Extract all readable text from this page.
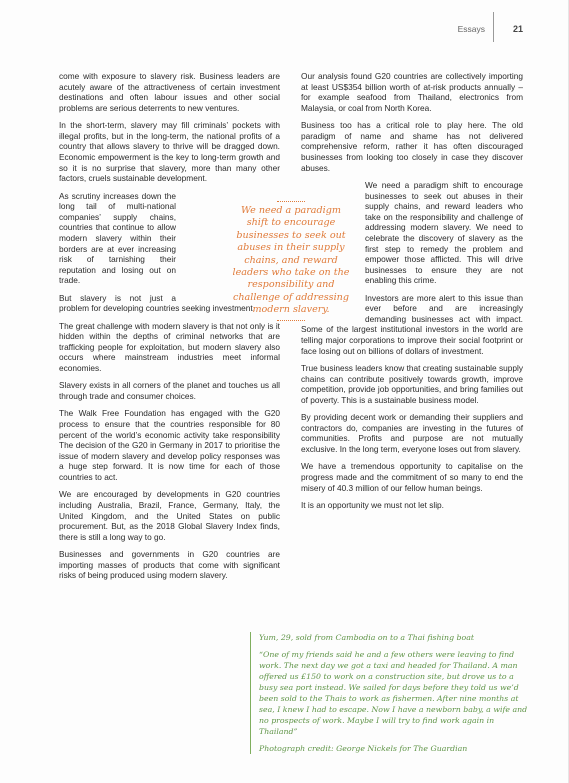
Essays	21

come with exposure to slavery risk. Business leaders are acutely aware of the attractiveness of certain investment destinations and often labour issues and other social problems are serious deterrents to new ventures.

In the short-term, slavery may fill criminals’ pockets with illegal profits, but in the long-term, the national profits of a country that allows slavery to thrive will be dragged down. Economic empowerment is the key to long-term growth and so it is no surprise that slavery, more than many other factors, cruels sustainable development.

As scrutiny increases down the long tail of multi-national companies’ supply chains, countries that continue to allow modern slavery within their borders are at ever increasing risk of tarnishing their reputation and losing out on trade.

But slavery is not just a problem for developing countries seeking investment.

The great challenge with modern slavery is that not only is it hidden within the depths of criminal networks that are trafficking people for exploitation, but modern slavery also occurs where mainstream industries meet informal economies.

Slavery exists in all corners of the planet and touches us all through trade and consumer choices.

The Walk Free Foundation has engaged with the G20 process to ensure that the countries responsible for 80 percent of the world’s economic activity take responsibility The decision of the G20 in Germany in 2017 to prioritise the issue of modern slavery and develop policy responses was a huge step forward. It is now time for each of those countries to act.

We are encouraged by developments in G20 countries including Australia, Brazil, France, Germany, Italy, the United Kingdom, and the United States on public procurement. But, as the 2018 Global Slavery Index finds, there is still a long way to go.

Businesses and governments in G20 countries are importing masses of products that come with significant risks of being produced using modern slavery.

Our analysis found G20 countries are collectively importing at least US$354 billion worth of at-risk products annually – for example seafood from Thailand, electronics from Malaysia, or coal from North Korea.

Business too has a critical role to play here. The old paradigm of name and shame has not delivered comprehensive reform, rather it has often discouraged businesses from looking too closely in case they discover abuses.

We need a paradigm shift to encourage businesses to seek out abuses in their supply chains, and reward leaders who take on the responsibility and challenge of addressing modern slavery. We need to celebrate the discovery of slavery as the first step to remedy the problem and empower those afflicted. This will drive businesses to ensure they are not enabling this crime.

Investors are more alert to this issue than ever before and are increasingly demanding businesses act with impact. Some of the largest institutional investors in the world are telling major corporations to improve their social footprint or face losing out on billions of dollars of investment.

True business leaders know that creating sustainable supply chains can contribute positively towards growth, improve competition, provide job opportunities, and bring families out of poverty. This is a sustainable business model.

By providing decent work or demanding their suppliers and contractors do, companies are investing in the futures of communities. Profits and purpose are not mutually exclusive. In the long term, everyone loses out from slavery.

We have a tremendous opportunity to capitalise on the progress made and the commitment of so many to end the misery of 40.3 million of our fellow human beings.

It is an opportunity we must not let slip.

We need a paradigm shift to encourage businesses to seek out abuses in their supply chains, and reward leaders who take on the responsibility and challenge of addressing modern slavery.

Yum, 29, sold from Cambodia on to a Thai fishing boat

“One of my friends said he and a few others were leaving to find work. The next day we got a taxi and headed for Thailand. A man offered us £150 to work on a construction site, but drove us to a busy sea port instead. We sailed for days before they told us we’d been sold to the Thais to work as fishermen. After nine months at sea, I knew I had to escape. Now I have a newborn baby, a wife and no prospects of work. Maybe I will try to find work again in Thailand”

Photograph credit: George Nickels for The Guardian
